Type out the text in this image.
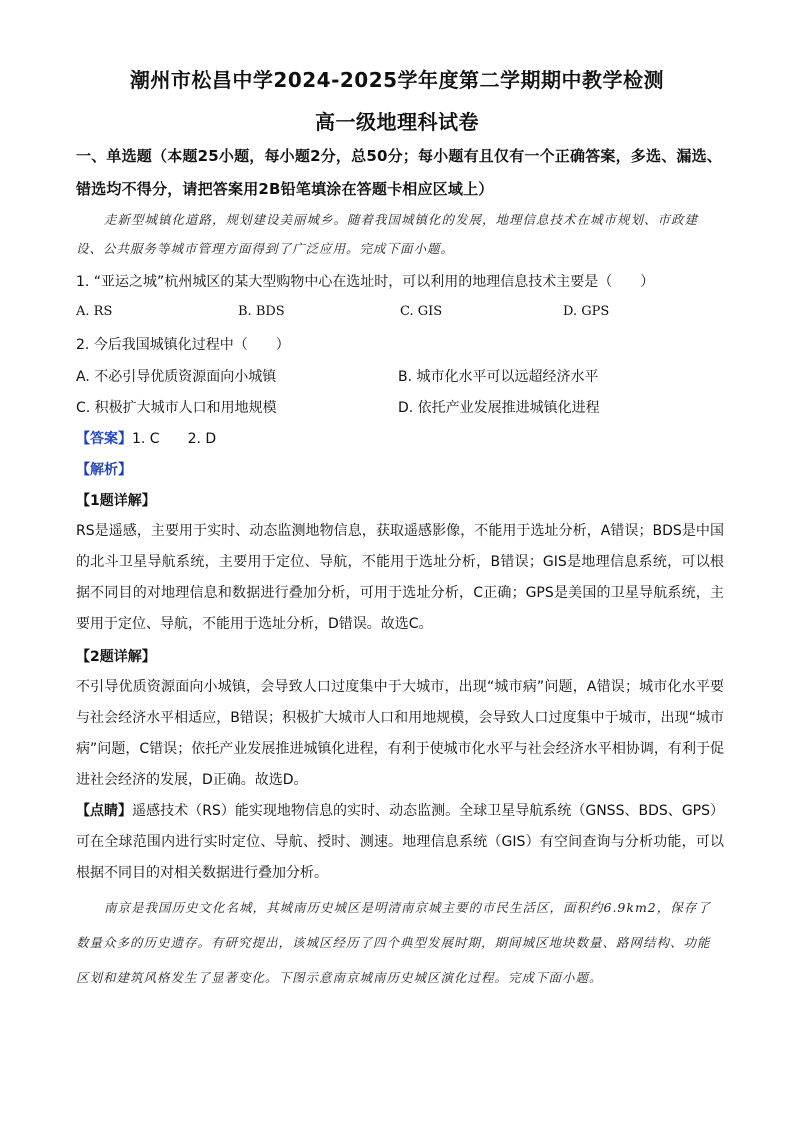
潮州市松昌中学2024-2025学年度第二学期期中教学检测
高一级地理科试卷
一、单选题（本题25小题，每小题2分，总50分；每小题有且仅有一个正确答案，多选、漏选、错选均不得分，请把答案用2B铅笔填涂在答题卡相应区域上）
走新型城镇化道路，规划建设美丽城乡。随着我国城镇化的发展，地理信息技术在城市规划、市政建设、公共服务等城市管理方面得到了广泛应用。完成下面小题。
1. “亚运之城”杭州城区的某大型购物中心在选址时，可以利用的地理信息技术主要是（　　）
A. RS	B. BDS	C. GIS	D. GPS
2. 今后我国城镇化过程中（　　）
A. 不必引导优质资源面向小城镇	B. 城市化水平可以远超经济水平
C. 积极扩大城市人口和用地规模	D. 依托产业发展推进城镇化进程
【答案】1. C 2. D
【解析】
【1题详解】
RS是遥感，主要用于实时、动态监测地物信息，获取遥感影像，不能用于选址分析，A错误；BDS是中国的北斗卫星导航系统，主要用于定位、导航，不能用于选址分析，B错误；GIS是地理信息系统，可以根据不同目的对地理信息和数据进行叠加分析，可用于选址分析，C正确；GPS是美国的卫星导航系统，主要用于定位、导航，不能用于选址分析，D错误。故选C。
【2题详解】
不引导优质资源面向小城镇，会导致人口过度集中于大城市，出现“城市病”问题，A错误；城市化水平要与社会经济水平相适应，B错误；积极扩大城市人口和用地规模，会导致人口过度集中于城市，出现“城市病”问题，C错误；依托产业发展推进城镇化进程，有利于使城市化水平与社会经济水平相协调，有利于促进社会经济的发展，D正确。故选D。
【点睛】遥感技术（RS）能实现地物信息的实时、动态监测。全球卫星导航系统（GNSS、BDS、GPS）可在全球范围内进行实时定位、导航、授时、测速。地理信息系统（GIS）有空间查询与分析功能，可以根据不同目的对相关数据进行叠加分析。
南京是我国历史文化名城，其城南历史城区是明清南京城主要的市民生活区，面积约6.9km2，保存了数量众多的历史遗存。有研究提出，该城区经历了四个典型发展时期，期间城区地块数量、路网结构、功能区划和建筑风格发生了显著变化。下图示意南京城南历史城区演化过程。完成下面小题。
